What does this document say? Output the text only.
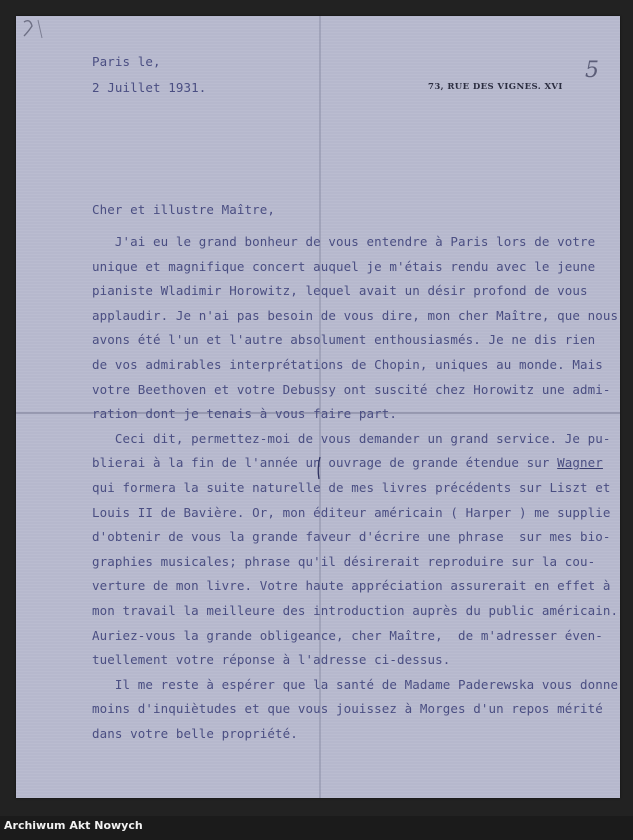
5
Paris le,
2 Juillet 1931.	73, RUE DES VIGNES. XVI
Cher et illustre Maître,
J'ai eu le grand bonheur de vous entendre à Paris lors de votre
unique et magnifique concert auquel je m'étais rendu avec le jeune
pianiste Wladimir Horowitz, lequel avait un désir profond de vous
applaudir. Je n'ai pas besoin de vous dire, mon cher Maître, que nous
avons été l'un et l'autre absolument enthousiasmés. Je ne dis rien
de vos admirables interprétations de Chopin, uniques au monde. Mais
votre Beethoven et votre Debussy ont suscité chez Horowitz une admi-
ration dont je tenais à vous faire part.
Ceci dit, permettez-moi de vous demander un grand service. Je pu-
blierai à la fin de l'année un ouvrage de grande étendue sur Wagner
qui formera la suite naturelle de mes livres précédents sur Liszt et
Louis II de Bavière. Or, mon éditeur américain ( Harper ) me supplie
d'obtenir de vous la grande faveur d'écrire une phrase  sur mes bio-
graphies musicales; phrase qu'il désirerait reproduire sur la cou-
verture de mon livre. Votre haute appréciation assurerait en effet à
mon travail la meilleure des introduction auprès du public américain.
Auriez-vous la grande obligeance, cher Maître,  de m'adresser éven-
tuellement votre réponse à l'adresse ci-dessus.
Il me reste à espérer que la santé de Madame Paderewska vous donne
moins d'inquiètudes et que vous jouissez à Morges d'un repos mérité
dans votre belle propriété.
Archiwum Akt Nowych
